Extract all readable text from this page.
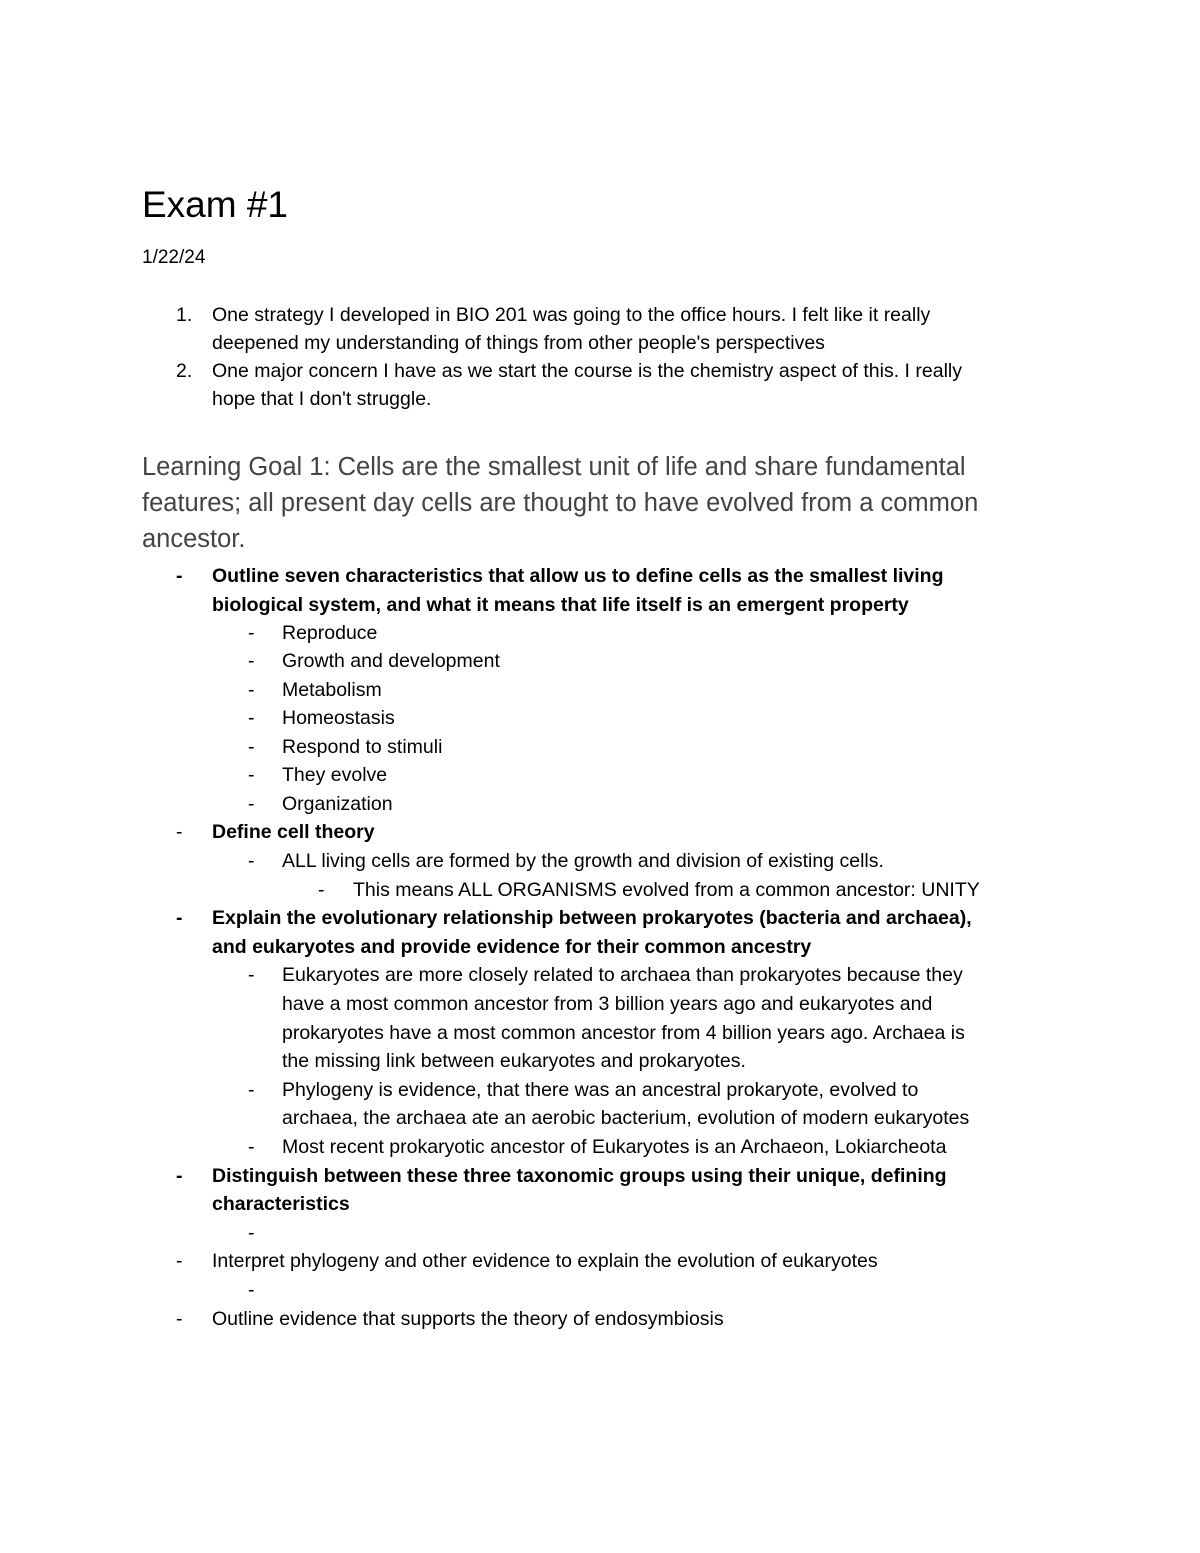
Exam #1
1/22/24
1. One strategy I developed in BIO 201 was going to the office hours. I felt like it really
deepened my understanding of things from other people's perspectives
2. One major concern I have as we start the course is the chemistry aspect of this. I really
hope that I don't struggle.
Learning Goal 1: Cells are the smallest unit of life and share fundamental
features; all present day cells are thought to have evolved from a common
ancestor.
- Outline seven characteristics that allow us to define cells as the smallest living
biological system, and what it means that life itself is an emergent property
- Reproduce
- Growth and development
- Metabolism
- Homeostasis
- Respond to stimuli
- They evolve
- Organization
- Define cell theory
- ALL living cells are formed by the growth and division of existing cells.
- This means ALL ORGANISMS evolved from a common ancestor: UNITY
- Explain the evolutionary relationship between prokaryotes (bacteria and archaea),
and eukaryotes and provide evidence for their common ancestry
- Eukaryotes are more closely related to archaea than prokaryotes because they
have a most common ancestor from 3 billion years ago and eukaryotes and
prokaryotes have a most common ancestor from 4 billion years ago. Archaea is
the missing link between eukaryotes and prokaryotes.
- Phylogeny is evidence, that there was an ancestral prokaryote, evolved to
archaea, the archaea ate an aerobic bacterium, evolution of modern eukaryotes
- Most recent prokaryotic ancestor of Eukaryotes is an Archaeon, Lokiarcheota
- Distinguish between these three taxonomic groups using their unique, defining
characteristics
-
- Interpret phylogeny and other evidence to explain the evolution of eukaryotes
-
- Outline evidence that supports the theory of endosymbiosis
